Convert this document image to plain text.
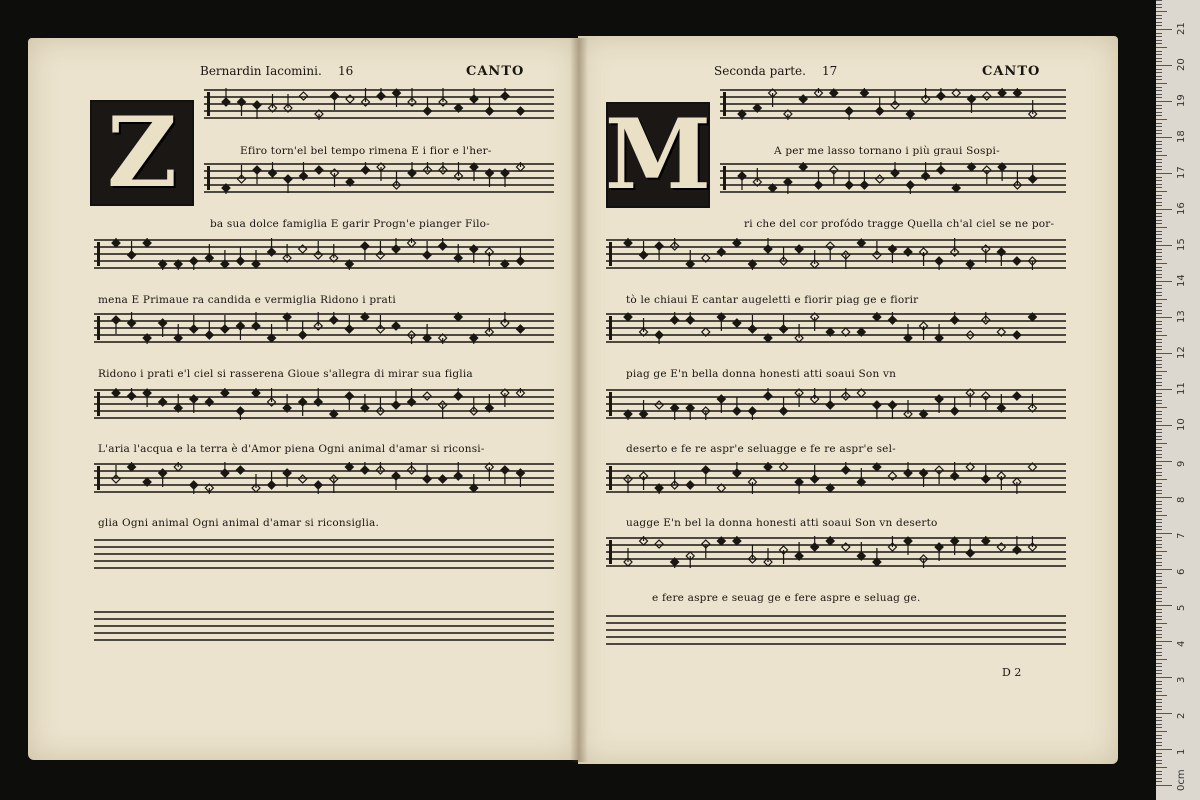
Bernardin Iacomini. 16	CANTO	Seconda parte. 17	CANTO
Z	M
Efiro torn'el bel tempo rimena E i fior e l'her-
ba sua dolce famiglia E garir Progn'e pianger Filo-
mena E Primaue ra candida e vermiglia Ridono i prati
Ridono i prati e'l ciel si rasserena Gioue s'allegra di mirar sua figlia
L'aria l'acqua e la terra è d'Amor piena Ogni animal d'amar si riconsi-
glia Ogni animal Ogni animal d'amar si riconsiglia.
A per me lasso tornano i più graui Sospi-
ri che del cor profódo tragge Quella ch'al ciel se ne por-
tò le chiaui E cantar augeletti e fiorir piag ge e fiorir
piag ge E'n bella donna honesti atti soaui Son vn
deserto e fe re aspr'e seluagge e fe re aspr'e sel-
uagge E'n bel la donna honesti atti soaui Son vn deserto
e fere aspre e seuag ge e fere aspre e seluag ge.
D 2
0cm
1
2
3
4
5
6
7
8
9
10
11
12
13
14
15
16
17
18
19
20
21
